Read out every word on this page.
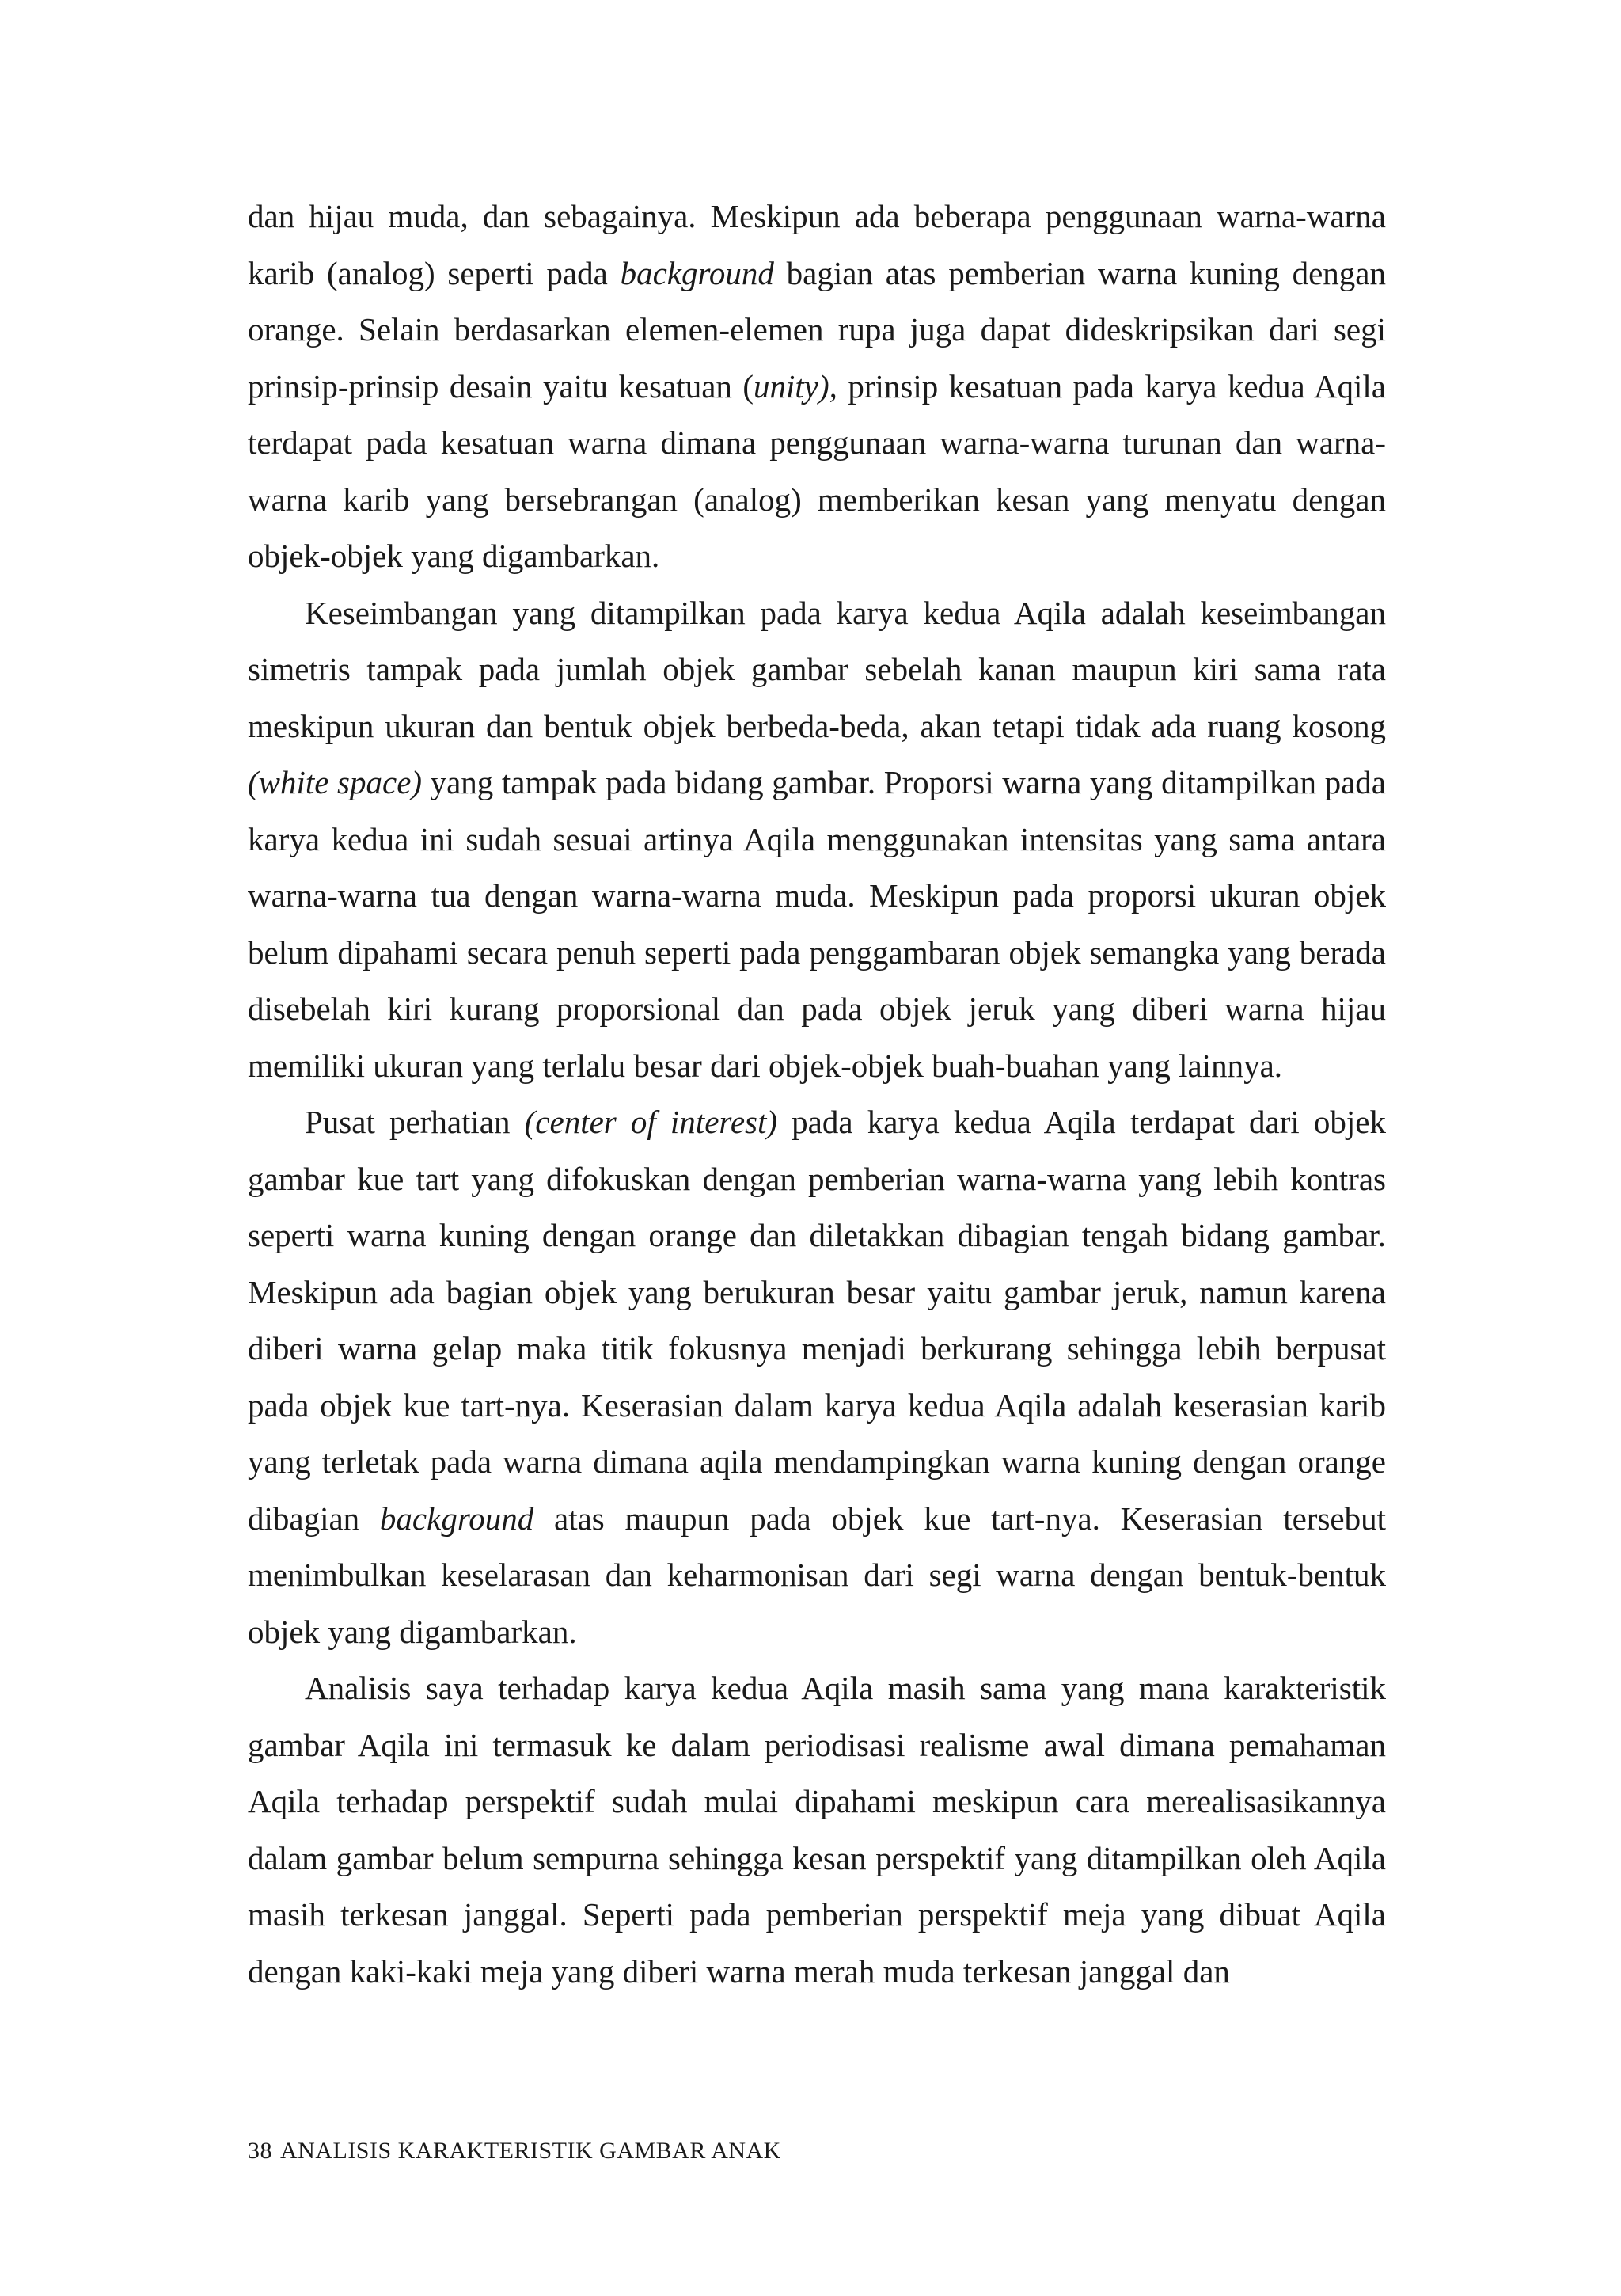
dan hijau muda, dan sebagainya. Meskipun ada beberapa penggunaan warna-warna karib (analog) seperti pada background bagian atas pemberian warna kuning dengan orange. Selain berdasarkan elemen-elemen rupa juga dapat dideskripsikan dari segi prinsip-prinsip desain yaitu kesatuan (unity), prinsip kesatuan pada karya kedua Aqila terdapat pada kesatuan warna dimana penggunaan warna-warna turunan dan warna-warna karib yang bersebrangan (analog) memberikan kesan yang menyatu dengan objek-objek yang digambarkan.

Keseimbangan yang ditampilkan pada karya kedua Aqila adalah keseimbangan simetris tampak pada jumlah objek gambar sebelah kanan maupun kiri sama rata meskipun ukuran dan bentuk objek berbeda-beda, akan tetapi tidak ada ruang kosong (white space) yang tampak pada bidang gambar. Proporsi warna yang ditampilkan pada karya kedua ini sudah sesuai artinya Aqila menggunakan intensitas yang sama antara warna-warna tua dengan warna-warna muda. Meskipun pada proporsi ukuran objek belum dipahami secara penuh seperti pada penggambaran objek semangka yang berada disebelah kiri kurang proporsional dan pada objek jeruk yang diberi warna hijau memiliki ukuran yang terlalu besar dari objek-objek buah-buahan yang lainnya.

Pusat perhatian (center of interest) pada karya kedua Aqila terdapat dari objek gambar kue tart yang difokuskan dengan pemberian warna-warna yang lebih kontras seperti warna kuning dengan orange dan diletakkan dibagian tengah bidang gambar. Meskipun ada bagian objek yang berukuran besar yaitu gambar jeruk, namun karena diberi warna gelap maka titik fokusnya menjadi berkurang sehingga lebih berpusat pada objek kue tart-nya. Keserasian dalam karya kedua Aqila adalah keserasian karib yang terletak pada warna dimana aqila mendampingkan warna kuning dengan orange dibagian background atas maupun pada objek kue tart-nya. Keserasian tersebut menimbulkan keselarasan dan keharmonisan dari segi warna dengan bentuk-bentuk objek yang digambarkan.

Analisis saya terhadap karya kedua Aqila masih sama yang mana karakteristik gambar Aqila ini termasuk ke dalam periodisasi realisme awal dimana pemahaman Aqila terhadap perspektif sudah mulai dipahami meskipun cara merealisasikannya dalam gambar belum sempurna sehingga kesan perspektif yang ditampilkan oleh Aqila masih terkesan janggal. Seperti pada pemberian perspektif meja yang dibuat Aqila dengan kaki-kaki meja yang diberi warna merah muda terkesan janggal dan

38 ANALISIS KARAKTERISTIK GAMBAR ANAK
